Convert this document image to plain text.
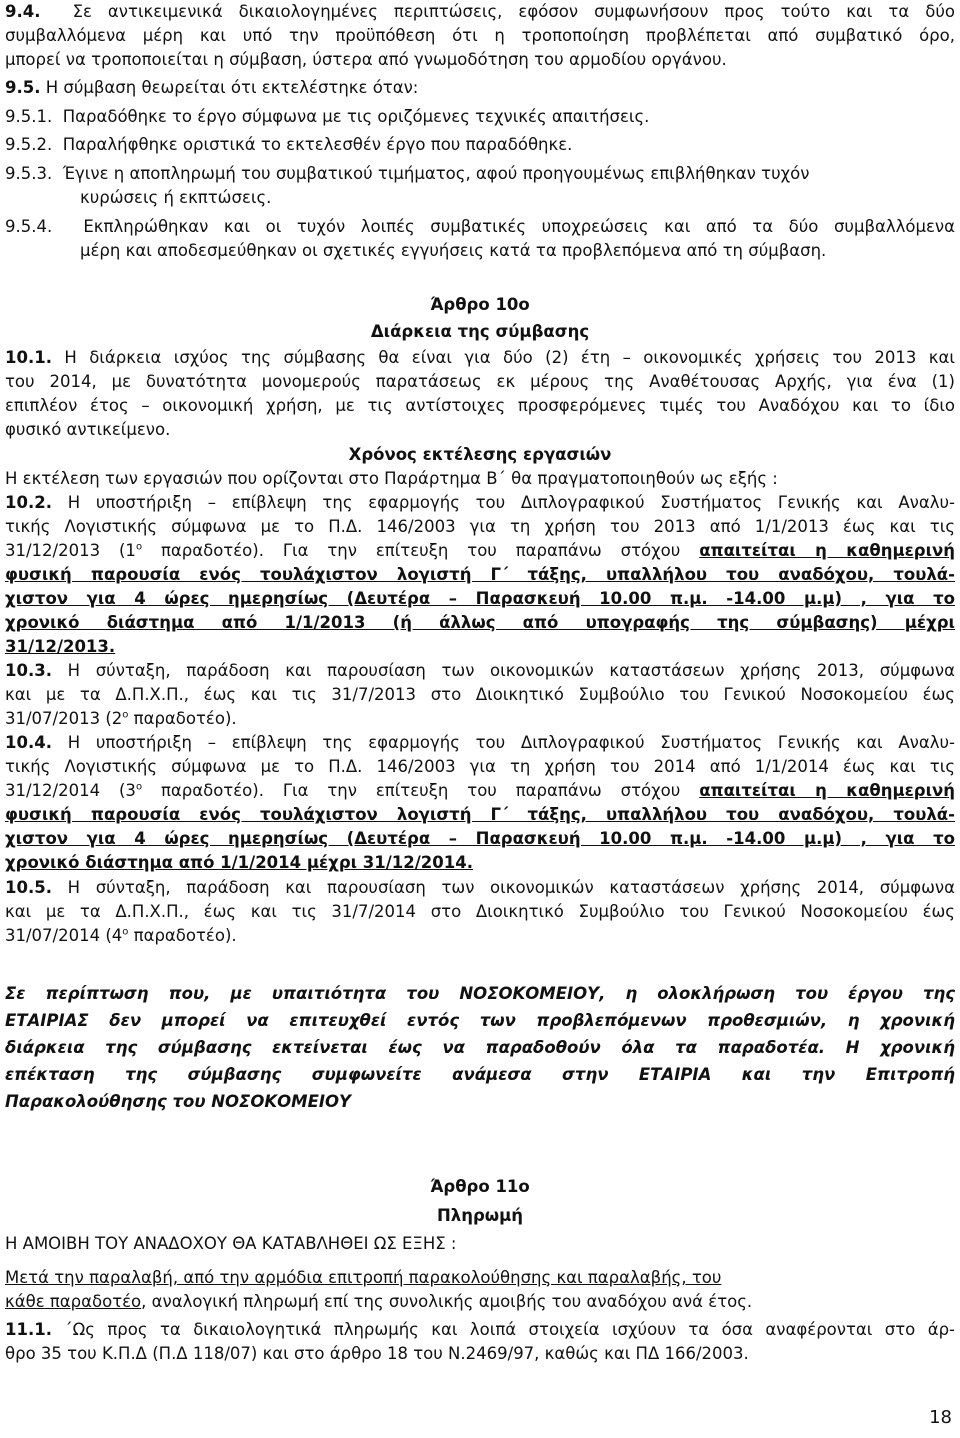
9.4. Σε αντικειμενικά δικαιολογημένες περιπτώσεις, εφόσον συμφωνήσουν προς τούτο και τα δύο
συμβαλλόμενα μέρη και υπό την προϋπόθεση ότι η τροποποίηση προβλέπεται από συμβατικό όρο,
μπορεί να τροποποιείται η σύμβαση, ύστερα από γνωμοδότηση του αρμοδίου οργάνου.
9.5. Η σύμβαση θεωρείται ότι εκτελέστηκε όταν:
9.5.1. Παραδόθηκε το έργο σύμφωνα με τις οριζόμενες τεχνικές απαιτήσεις.
9.5.2. Παραλήφθηκε οριστικά το εκτελεσθέν έργο που παραδόθηκε.
9.5.3. Έγινε η αποπληρωμή του συμβατικού τιμήματος, αφού προηγουμένως επιβλήθηκαν τυχόν
κυρώσεις ή εκπτώσεις.
9.5.4. Εκπληρώθηκαν και οι τυχόν λοιπές συμβατικές υποχρεώσεις και από τα δύο συμβαλλόμενα
μέρη και αποδεσμεύθηκαν οι σχετικές εγγυήσεις κατά τα προβλεπόμενα από τη σύμβαση.
Άρθρο 10ο
Διάρκεια της σύμβασης
10.1. Η διάρκεια ισχύος της σύμβασης θα είναι για δύο (2) έτη – οικονομικές χρήσεις του 2013 και
του 2014, με δυνατότητα μονομερούς παρατάσεως εκ μέρους της Αναθέτουσας Αρχής, για ένα (1)
επιπλέον έτος – οικονομική χρήση, με τις αντίστοιχες προσφερόμενες τιμές του Αναδόχου και το ίδιο
φυσικό αντικείμενο.
Χρόνος εκτέλεσης εργασιών
Η εκτέλεση των εργασιών που ορίζονται στο Παράρτημα Β΄ θα πραγματοποιηθούν ως εξής :
10.2. Η υποστήριξη – επίβλεψη της εφαρμογής του Διπλογραφικού Συστήματος Γενικής και Αναλυ-
τικής Λογιστικής σύμφωνα με το Π.Δ. 146/2003 για τη χρήση του 2013 από 1/1/2013 έως και τις
31/12/2013 ($1^o$ παραδοτέο). Για την επίτευξη του παραπάνω στόχου απαιτείται η καθημερινή
φυσική παρουσία ενός τουλάχιστον λογιστή Γ΄ τάξης, υπαλλήλου του αναδόχου, τουλά-
χιστον για 4 ώρες ημερησίως (Δευτέρα – Παρασκευή 10.00 π.μ. -14.00 μ.μ) , για το
χρονικό διάστημα από 1/1/2013 (ή άλλως από υπογραφής της σύμβασης) μέχρι
31/12/2013.
10.3. Η σύνταξη, παράδοση και παρουσίαση των οικονομικών καταστάσεων χρήσης 2013, σύμφωνα
και με τα Δ.Π.Χ.Π., έως και τις 31/7/2013 στο Διοικητικό Συμβούλιο του Γενικού Νοσοκομείου έως
31/07/2013 ($2^o$ παραδοτέο).
10.4. Η υποστήριξη – επίβλεψη της εφαρμογής του Διπλογραφικού Συστήματος Γενικής και Αναλυ-
τικής Λογιστικής σύμφωνα με το Π.Δ. 146/2003 για τη χρήση του 2014 από 1/1/2014 έως και τις
31/12/2014 ($3^o$ παραδοτέο). Για την επίτευξη του παραπάνω στόχου απαιτείται η καθημερινή
φυσική παρουσία ενός τουλάχιστον λογιστή Γ΄ τάξης, υπαλλήλου του αναδόχου, τουλά-
χιστον για 4 ώρες ημερησίως (Δευτέρα – Παρασκευή 10.00 π.μ. -14.00 μ.μ) , για το
χρονικό διάστημα από 1/1/2014 μέχρι 31/12/2014.
10.5. Η σύνταξη, παράδοση και παρουσίαση των οικονομικών καταστάσεων χρήσης 2014, σύμφωνα
και με τα Δ.Π.Χ.Π., έως και τις 31/7/2014 στο Διοικητικό Συμβούλιο του Γενικού Νοσοκομείου έως
31/07/2014 ($4^o$ παραδοτέο).
Σε περίπτωση που, με υπαιτιότητα του ΝΟΣΟΚΟΜΕΙΟΥ, η ολοκλήρωση του έργου της
ΕΤΑΙΡΙΑΣ δεν μπορεί να επιτευχθεί εντός των προβλεπόμενων προθεσμιών, η χρονική
διάρκεια της σύμβασης εκτείνεται έως να παραδοθούν όλα τα παραδοτέα. Η χρονική
επέκταση της σύμβασης συμφωνείτε ανάμεσα στην ΕΤΑΙΡΙΑ και την Επιτροπή
Παρακολούθησης του ΝΟΣΟΚΟΜΕΙΟΥ
Άρθρο 11ο
Πληρωμή
Η ΑΜΟΙΒΗ ΤΟΥ ΑΝΑΔΟΧΟΥ ΘΑ ΚΑΤΑΒΛΗΘΕΙ ΩΣ ΕΞΗΣ :
Μετά την παραλαβή, από την αρμόδια επιτροπή παρακολούθησης και παραλαβής, του
κάθε παραδοτέο, αναλογική πληρωμή επί της συνολικής αμοιβής του αναδόχου ανά έτος.
11.1. ΄Ως προς τα δικαιολογητικά πληρωμής και λοιπά στοιχεία ισχύουν τα όσα αναφέρονται στο άρ-
θρο 35 του Κ.Π.Δ (Π.Δ 118/07) και στο άρθρο 18 του Ν.2469/97, καθώς και ΠΔ 166/2003.
18
